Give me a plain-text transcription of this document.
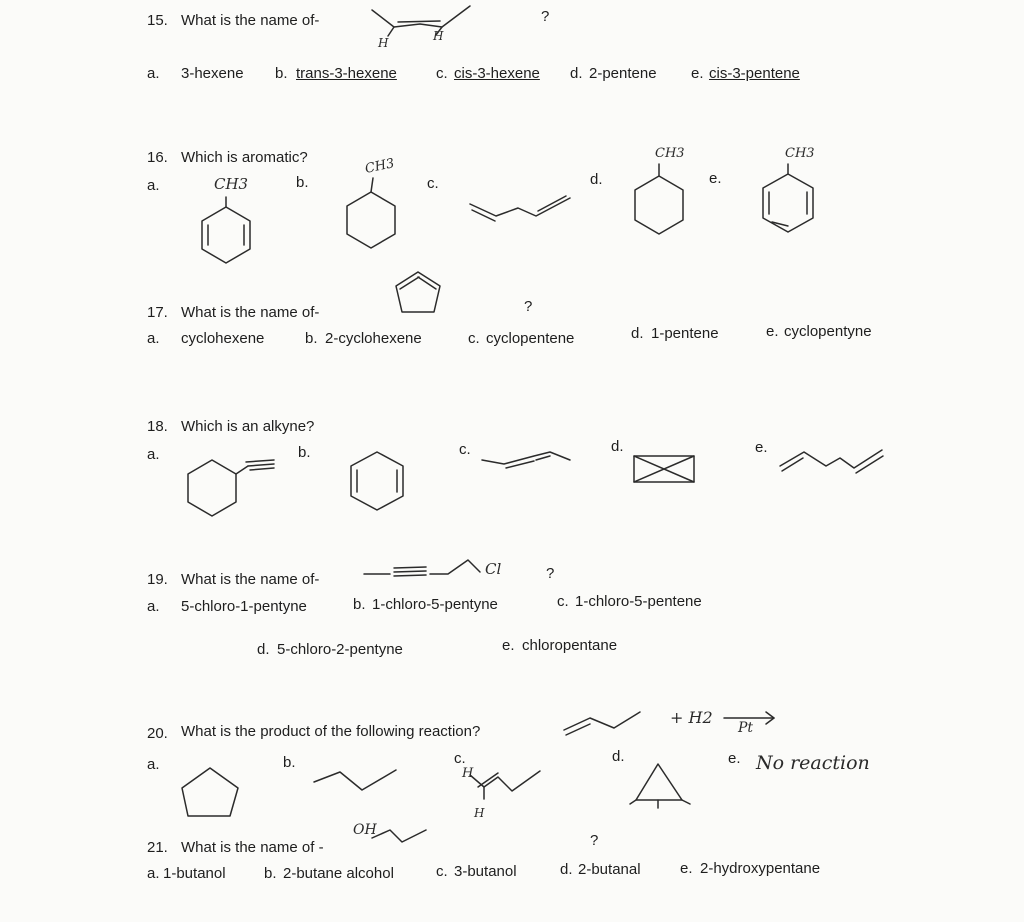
15. What is the name of-
H	H
?
a. 3-hexene b. trans-3-hexene	c. cis-3-hexene d. 2-pentene e. cis-3-pentene
16. Which is aromatic?
a.	CH3	b.
CH3
c.	d.
CH3
e.
CH3
17. What is the name of-	?
a. cyclohexene	b. 2-cyclohexene	c. cyclopentene	d. 1-pentene	e. cyclopentyne
18. Which is an alkyne?
a.	b.	c.	d.	e.
19. What is the name of-
Cl	?
a. 5-chloro-1-pentyne	b. 1-chloro-5-pentyne	c. 1-chloro-5-pentene
d. 5-chloro-2-pentyne	e. chloropentane
20. What is the product of the following reaction?
+ H2 →
Pt
a.	b.	c.
H
H
d.	e. No reaction
21. What is the name of -
OH
?
a. 1-butanol	b. 2-butane alcohol	c. 3-butanol	d. 2-butanal	e. 2-hydroxypentane
